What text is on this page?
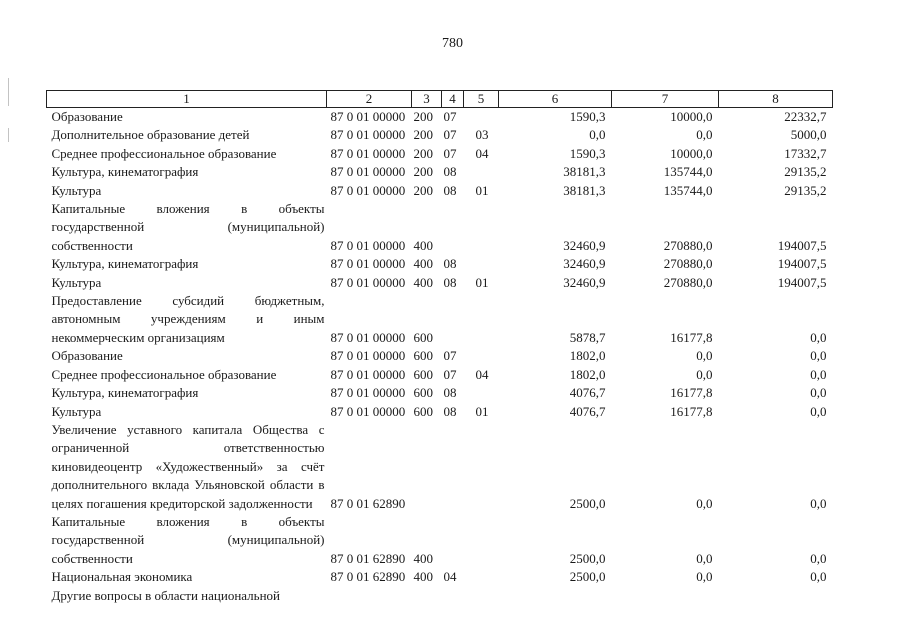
780
1	2	3	4	5	6	7	8

Образование	87 0 01 00000	200	07		1590,3	10000,0	22332,7

Дополнительное образование детей	87 0 01 00000	200	07	03	0,0	0,0	5000,0

Среднее профессиональное образование	87 0 01 00000	200	07	04	1590,3	10000,0	17332,7

Культура, кинематография	87 0 01 00000	200	08		38181,3	135744,0	29135,2

Культура	87 0 01 00000	200	08	01	38181,3	135744,0	29135,2

Капитальные вложения в объекты государственной (муниципальной) собственности	87 0 01 00000	400			32460,9	270880,0	194007,5

Культура, кинематография	87 0 01 00000	400	08		32460,9	270880,0	194007,5

Культура	87 0 01 00000	400	08	01	32460,9	270880,0	194007,5

Предоставление субсидий бюджетным, автономным учреждениям и иным некоммерческим организациям	87 0 01 00000	600			5878,7	16177,8	0,0

Образование	87 0 01 00000	600	07		1802,0	0,0	0,0

Среднее профессиональное образование	87 0 01 00000	600	07	04	1802,0	0,0	0,0

Культура, кинематография	87 0 01 00000	600	08		4076,7	16177,8	0,0

Культура	87 0 01 00000	600	08	01	4076,7	16177,8	0,0

Увеличение уставного капитала Общества с ограниченной ответственностью киновидеоцентр «Художественный» за счёт дополнительного вклада Ульяновской области в целях погашения кредиторской задолженности	87 0 01 62890				2500,0	0,0	0,0

Капитальные вложения в объекты государственной (муниципальной) собственности	87 0 01 62890	400			2500,0	0,0	0,0

Национальная экономика	87 0 01 62890	400	04		2500,0	0,0	0,0

Другие вопросы в области национальной							
